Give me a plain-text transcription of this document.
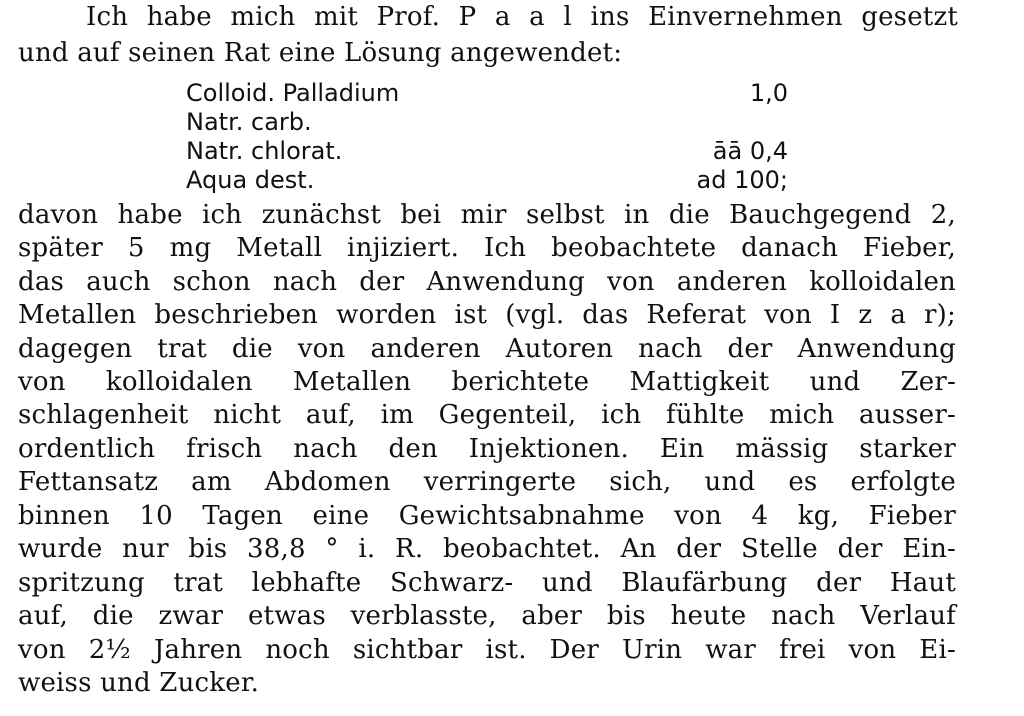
Ich habe mich mit Prof. P a a l ins Einvernehmen gesetzt
und auf seinen Rat eine Lösung angewendet:
Colloid. Palladium	1,0
Natr. carb.
Natr. chlorat.	āā 0,4
Aqua dest.	ad 100;
davon habe ich zunächst bei mir selbst in die Bauchgegend 2,
später 5 mg Metall injiziert. Ich beobachtete danach Fieber,
das auch schon nach der Anwendung von anderen kolloidalen
Metallen beschrieben worden ist (vgl. das Referat von I z a r);
dagegen trat die von anderen Autoren nach der Anwendung
von kolloidalen Metallen berichtete Mattigkeit und Zer-
schlagenheit nicht auf, im Gegenteil, ich fühlte mich ausser-
ordentlich frisch nach den Injektionen. Ein mässig starker
Fettansatz am Abdomen verringerte sich, und es erfolgte
binnen 10 Tagen eine Gewichtsabnahme von 4 kg, Fieber
wurde nur bis 38,8 ° i. R. beobachtet. An der Stelle der Ein-
spritzung trat lebhafte Schwarz- und Blaufärbung der Haut
auf, die zwar etwas verblasste, aber bis heute nach Verlauf
von 2½ Jahren noch sichtbar ist. Der Urin war frei von Ei-
weiss und Zucker.
